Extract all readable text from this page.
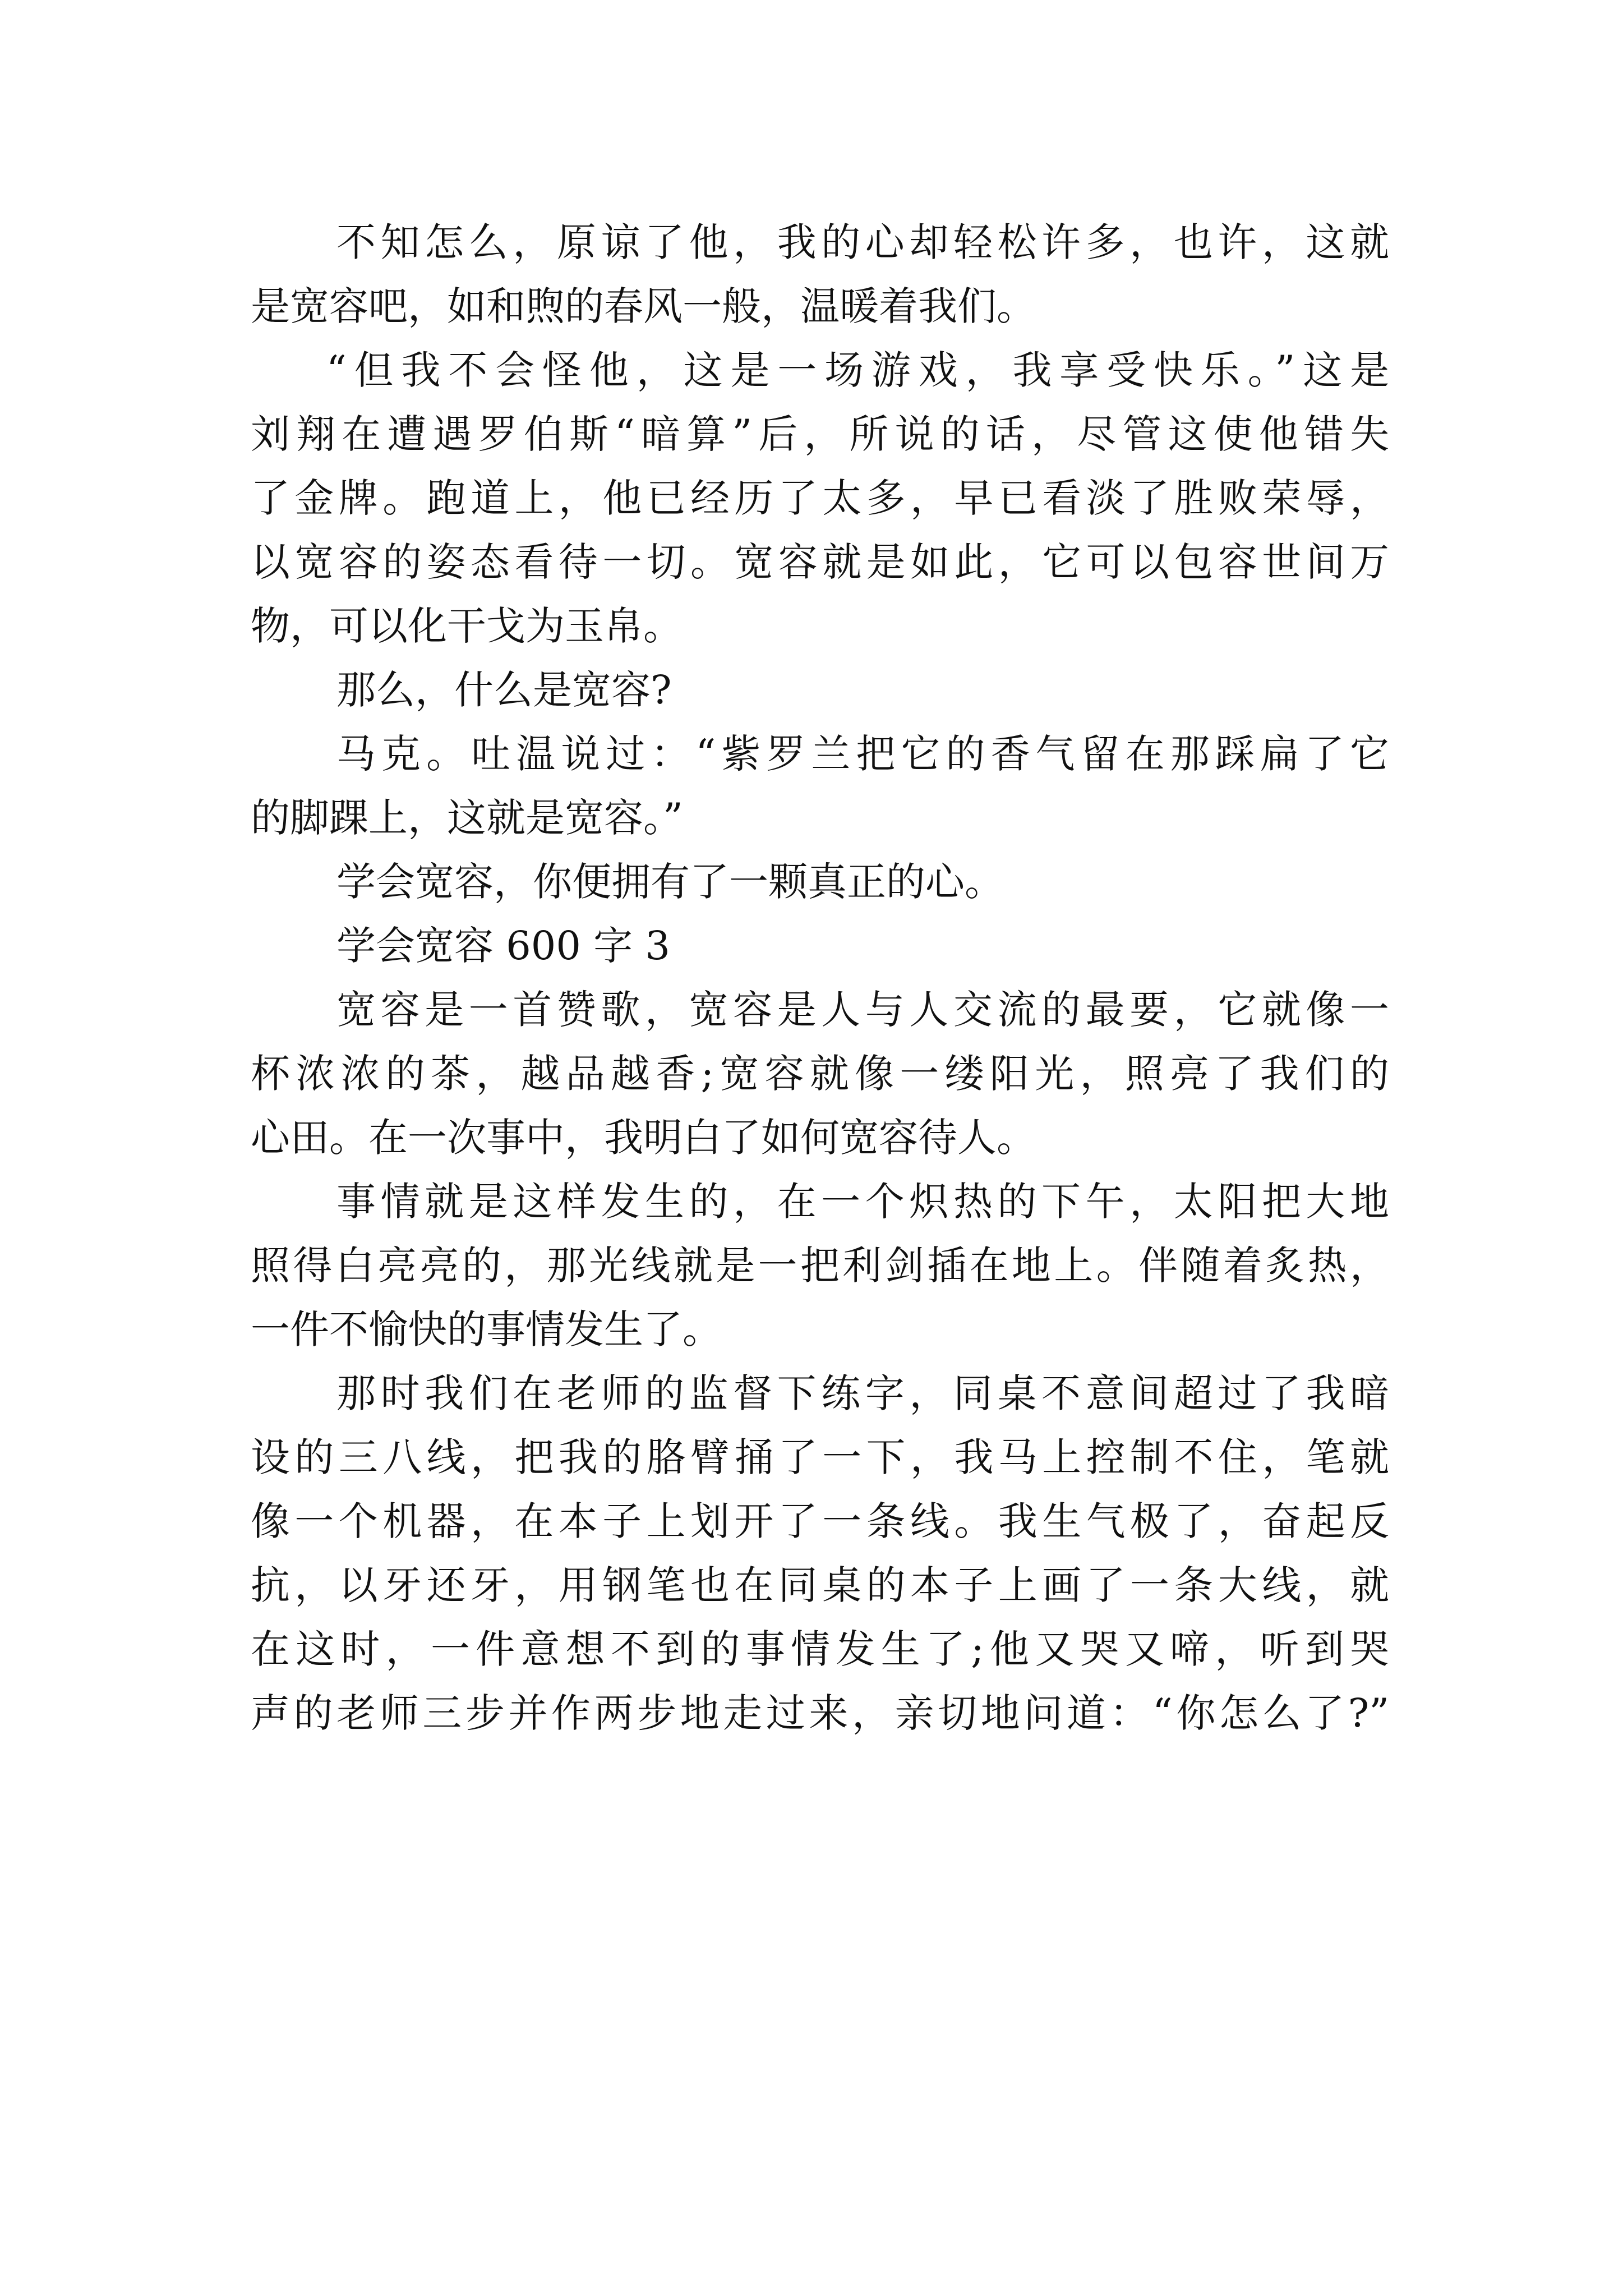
不知怎么，原谅了他，我的心却轻松许多，也许，这就

是宽容吧，如和煦的春风一般，温暖着我们。

“但我不会怪他，这是一场游戏，我享受快乐。”这是

刘翔在遭遇罗伯斯“暗算”后，所说的话，尽管这使他错失

了金牌。跑道上，他已经历了太多，早已看淡了胜败荣辱，

以宽容的姿态看待一切。宽容就是如此，它可以包容世间万

物，可以化干戈为玉帛。

那么，什么是宽容?

马克。吐温说过：“紫罗兰把它的香气留在那踩扁了它

的脚踝上，这就是宽容。”

学会宽容，你便拥有了一颗真正的心。

学会宽容 600 字 3

宽容是一首赞歌，宽容是人与人交流的最要，它就像一

杯浓浓的茶，越品越香;宽容就像一缕阳光，照亮了我们的

心田。在一次事中，我明白了如何宽容待人。

事情就是这样发生的，在一个炽热的下午，太阳把大地

照得白亮亮的，那光线就是一把利剑插在地上。伴随着炙热，

一件不愉快的事情发生了。

那时我们在老师的监督下练字，同桌不意间超过了我暗

设的三八线，把我的胳臂捅了一下，我马上控制不住，笔就

像一个机器，在本子上划开了一条线。我生气极了，奋起反

抗，以牙还牙，用钢笔也在同桌的本子上画了一条大线，就

在这时，一件意想不到的事情发生了;他又哭又啼，听到哭

声的老师三步并作两步地走过来，亲切地问道：“你怎么了?”
